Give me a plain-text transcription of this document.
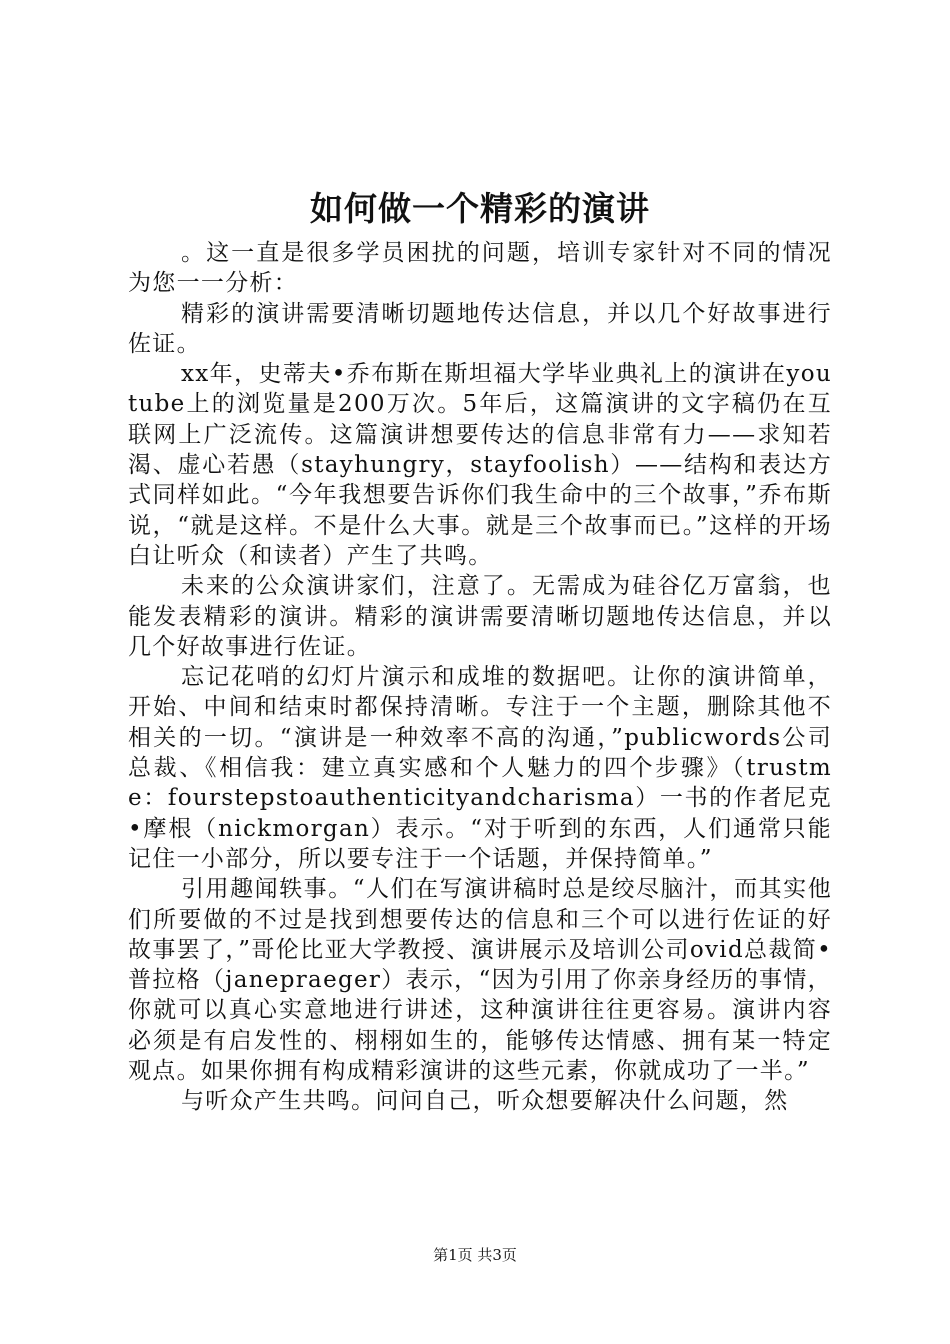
如何做一个精彩的演讲

。这一直是很多学员困扰的问题，培训专家针对不同的情况为您一一分析：

精彩的演讲需要清晰切题地传达信息，并以几个好故事进行佐证。

xx年，史蒂夫•乔布斯在斯坦福大学毕业典礼上的演讲在youtube上的浏览量是200万次。5年后，这篇演讲的文字稿仍在互联网上广泛流传。这篇演讲想要传达的信息非常有力——求知若渴、虚心若愚（stayhungry，stayfoolish）——结构和表达方式同样如此。“今年我想要告诉你们我生命中的三个故事，”乔布斯说，“就是这样。不是什么大事。就是三个故事而已。”这样的开场白让听众（和读者）产生了共鸣。

未来的公众演讲家们，注意了。无需成为硅谷亿万富翁，也能发表精彩的演讲。精彩的演讲需要清晰切题地传达信息，并以几个好故事进行佐证。

忘记花哨的幻灯片演示和成堆的数据吧。让你的演讲简单，开始、中间和结束时都保持清晰。专注于一个主题，删除其他不相关的一切。“演讲是一种效率不高的沟通，”publicwords公司总裁、《相信我：建立真实感和个人魅力的四个步骤》（trustme：fourstepstoauthenticityandcharisma）一书的作者尼克•摩根（nickmorgan）表示。“对于听到的东西，人们通常只能记住一小部分，所以要专注于一个话题，并保持简单。”

引用趣闻轶事。“人们在写演讲稿时总是绞尽脑汁，而其实他们所要做的不过是找到想要传达的信息和三个可以进行佐证的好故事罢了，”哥伦比亚大学教授、演讲展示及培训公司ovid总裁简•普拉格（janepraeger）表示，“因为引用了你亲身经历的事情，你就可以真心实意地进行讲述，这种演讲往往更容易。演讲内容必须是有启发性的、栩栩如生的，能够传达情感、拥有某一特定观点。如果你拥有构成精彩演讲的这些元素，你就成功了一半。”

与听众产生共鸣。问问自己，听众想要解决什么问题，然

第1页 共3页
